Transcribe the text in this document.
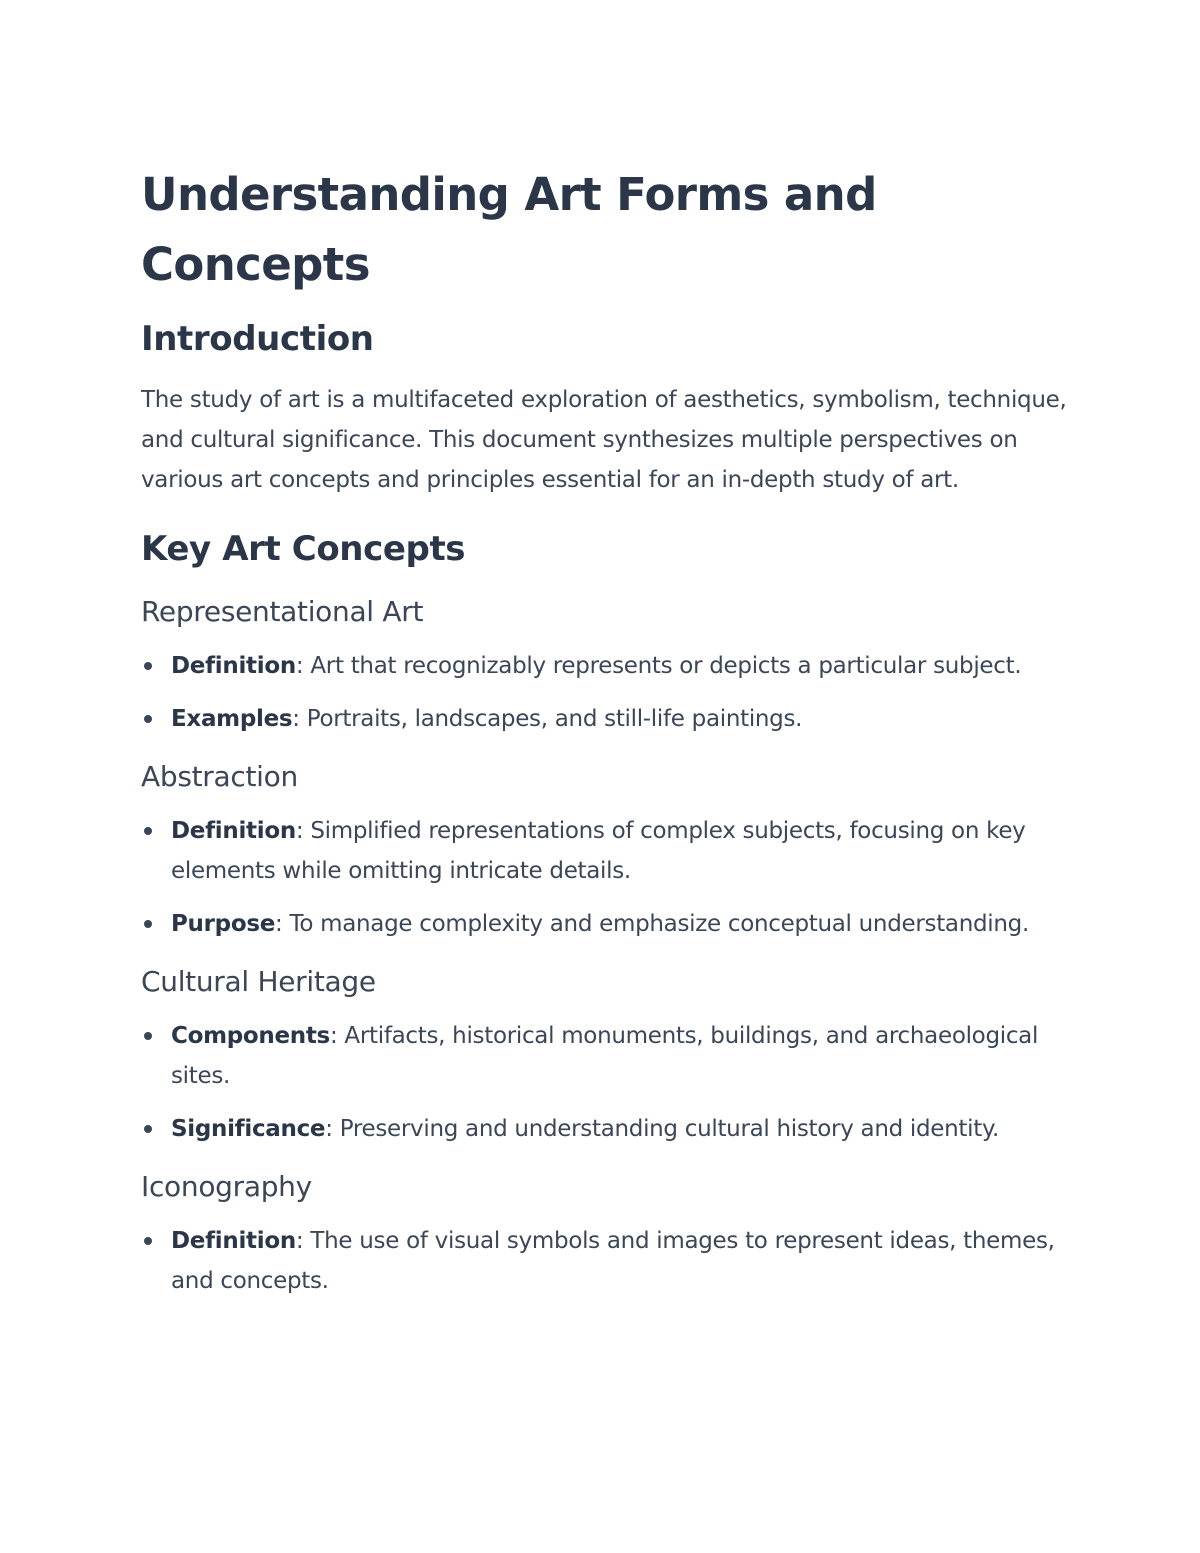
Understanding Art Forms and Concepts
Introduction

The study of art is a multifaceted exploration of aesthetics, symbolism, technique, and cultural significance. This document synthesizes multiple perspectives on various art concepts and principles essential for an in-depth study of art.

Key Art Concepts
Representational Art
Definition: Art that recognizably represents or depicts a particular subject.
Examples: Portraits, landscapes, and still-life paintings.
Abstraction
Definition: Simplified representations of complex subjects, focusing on key elements while omitting intricate details.
Purpose: To manage complexity and emphasize conceptual understanding.
Cultural Heritage
Components: Artifacts, historical monuments, buildings, and archaeological sites.
Significance: Preserving and understanding cultural history and identity.
Iconography
Definition: The use of visual symbols and images to represent ideas, themes, and concepts.
